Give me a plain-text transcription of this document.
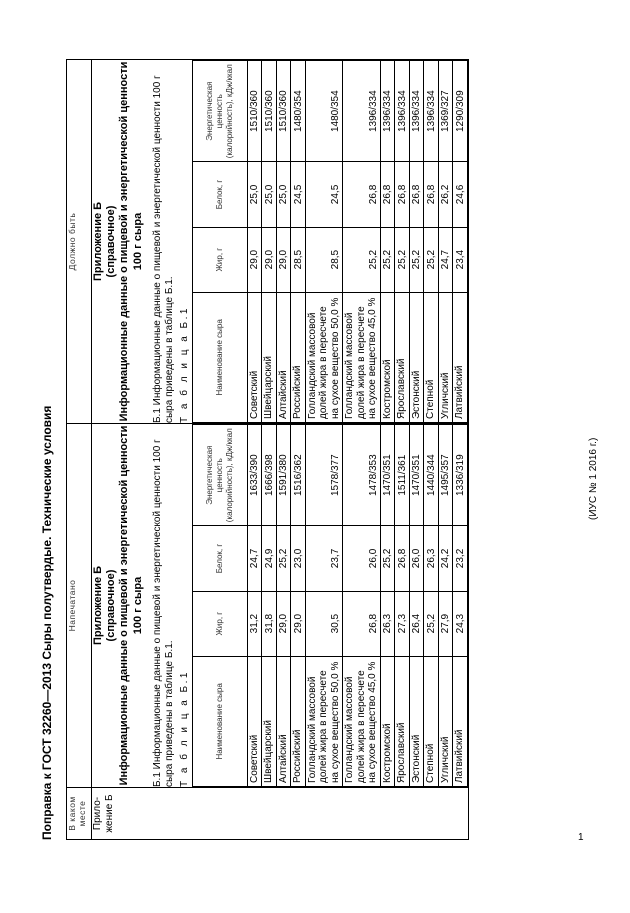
Поправка к ГОСТ 32260—2013 Сыры полутвердые. Технические условия В каком месте	Напечатано	Должно быть
Прило-жение Б	
Приложение Б (справочное) Информационные данные о пищевой и энергетической ценности 100 г сыра Б.1 Информационные данные о пищевой и энергетической ценности 100 г сыра приведены в таблице Б.1. Т а б л и ц а Б.1	Наименование сыра	Жир, г	Белок, г	Энергетическая ценность (калорийность), кДж/ккал
Советский	31,2	24,7	1633/390
Швейцарский	31,8	24,9	1666/398
Алтайский	29,0	25,2	1591/380
Российский	29,0	23,0	1516/362
Голландский массовой долей жира в пересчете на сухое вещество 50,0 %	30,5	23,7	1578/377
Голландский массовой долей жира в пересчете на сухое вещество 45,0 %	26,8	26,0	1478/353
Костромской	26,3	25,2	1470/351
Ярославский	27,3	26,8	1511/361
Эстонский	26,4	26,0	1470/351
Степной	25,2	26,3	1440/344
Угличский	27,9	24,2	1495/357
Латвийский	24,3	23,2	1336/319

Приложение Б (справочное) Информационные данные о пищевой и энергетической ценности 100 г сыра Б.1 Информационные данные о пищевой и энергетической ценности 100 г сыра приведены в таблице Б.1. Т а б л и ц а Б.1	Наименование сыра	Жир, г	Белок, г	Энергетическая ценность (калорийность), кДж/ккал
Советский	29,0	25,0	1510/360
Швейцарский	29,0	25,0	1510/360
Алтайский	29,0	25,0	1510/360
Российский	28,5	24,5	1480/354
Голландский массовой долей жира в пересчете на сухое вещество 50,0 %	28,5	24,5	1480/354
Голландский массовой долей жира в пересчете на сухое вещество 45,0 %	25,2	26,8	1396/334
Костромской	25,2	26,8	1396/334
Ярославский	25,2	26,8	1396/334
Эстонский	25,2	26,8	1396/334
Степной	25,2	26,8	1396/334
Угличский	24,7	26,2	1369/327
Латвийский	23,4	24,6	1290/309
(ИУС № 1 2016 г.)
1
